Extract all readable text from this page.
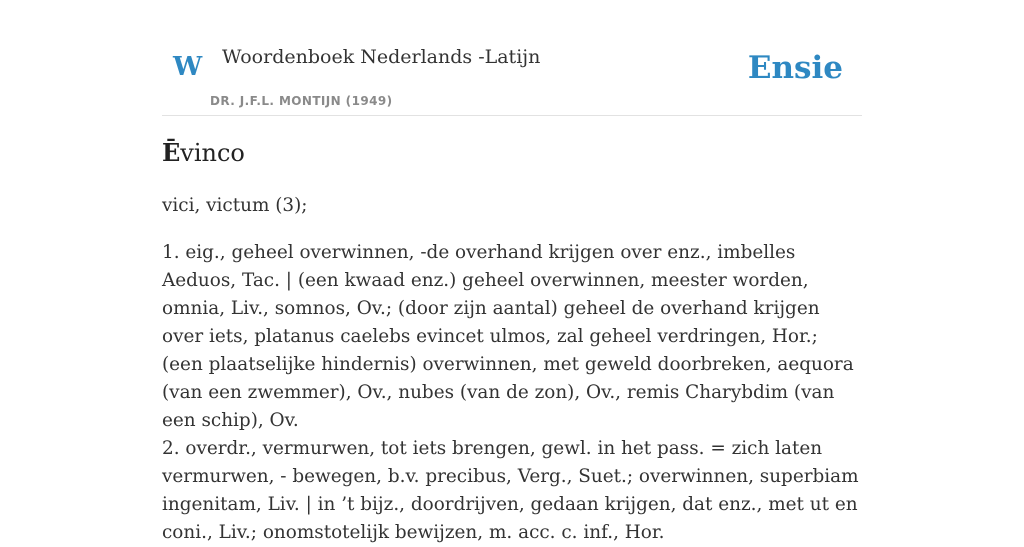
W Woordenboek Nederlands -Latijn
DR. J.F.L. MONTIJN (1949)
Ensie
Ēvinco

vici, victum (3);

1. eig., geheel overwinnen, -de overhand krijgen over enz., imbelles Aeduos, Tac. | (een kwaad enz.) geheel overwinnen, meester worden, omnia, Liv., somnos, Ov.; (door zijn aantal) geheel de overhand krijgen over iets, platanus caelebs evincet ulmos, zal geheel verdringen, Hor.; (een plaatselijke hindernis) overwinnen, met geweld doorbreken, aequora (van een zwemmer), Ov., nubes (van de zon), Ov., remis Charybdim (van een schip), Ov.

2. overdr., vermurwen, tot iets brengen, gewl. in het pass. = zich laten vermurwen, - bewegen, b.v. precibus, Verg., Suet.; overwinnen, superbiam ingenitam, Liv. | in ’t bijz., doordrijven, gedaan krijgen, dat enz., met ut en coni., Liv.; onomstotelijk bewijzen, m. acc. c. inf., Hor.
